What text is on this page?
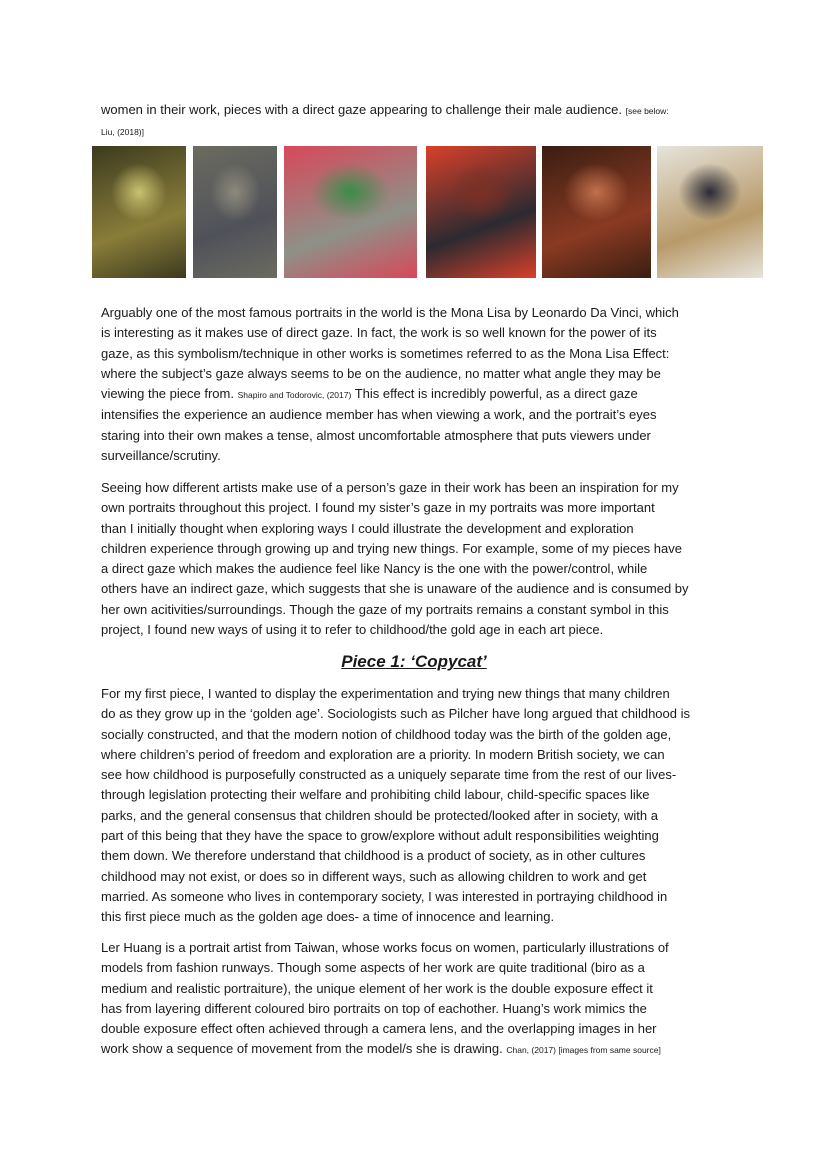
women in their work, pieces with a direct gaze appearing to challenge their male audience. [see below:
Liu, (2018)]
Arguably one of the most famous portraits in the world is the Mona Lisa by Leonardo Da Vinci, which
is interesting as it makes use of direct gaze. In fact, the work is so well known for the power of its
gaze, as this symbolism/technique in other works is sometimes referred to as the Mona Lisa Effect:
where the subject’s gaze always seems to be on the audience, no matter what angle they may be
viewing the piece from. Shapiro and Todorovic, (2017) This effect is incredibly powerful, as a direct gaze
intensifies the experience an audience member has when viewing a work, and the portrait’s eyes
staring into their own makes a tense, almost uncomfortable atmosphere that puts viewers under
surveillance/scrutiny.
Seeing how different artists make use of a person’s gaze in their work has been an inspiration for my
own portraits throughout this project. I found my sister’s gaze in my portraits was more important
than I initially thought when exploring ways I could illustrate the development and exploration
children experience through growing up and trying new things. For example, some of my pieces have
a direct gaze which makes the audience feel like Nancy is the one with the power/control, while
others have an indirect gaze, which suggests that she is unaware of the audience and is consumed by
her own acitivities/surroundings. Though the gaze of my portraits remains a constant symbol in this
project, I found new ways of using it to refer to childhood/the gold age in each art piece.
Piece 1: ‘Copycat’
For my first piece, I wanted to display the experimentation and trying new things that many children
do as they grow up in the ‘golden age’. Sociologists such as Pilcher have long argued that childhood is
socially constructed, and that the modern notion of childhood today was the birth of the golden age,
where children’s period of freedom and exploration are a priority. In modern British society, we can
see how childhood is purposefully constructed as a uniquely separate time from the rest of our lives-
through legislation protecting their welfare and prohibiting child labour, child-specific spaces like
parks, and the general consensus that children should be protected/looked after in society, with a
part of this being that they have the space to grow/explore without adult responsibilities weighting
them down. We therefore understand that childhood is a product of society, as in other cultures
childhood may not exist, or does so in different ways, such as allowing children to work and get
married. As someone who lives in contemporary society, I was interested in portraying childhood in
this first piece much as the golden age does- a time of innocence and learning.
Ler Huang is a portrait artist from Taiwan, whose works focus on women, particularly illustrations of
models from fashion runways. Though some aspects of her work are quite traditional (biro as a
medium and realistic portraiture), the unique element of her work is the double exposure effect it
has from layering different coloured biro portraits on top of eachother. Huang’s work mimics the
double exposure effect often achieved through a camera lens, and the overlapping images in her
work show a sequence of movement from the model/s she is drawing. Chan, (2017) [images from same source]
